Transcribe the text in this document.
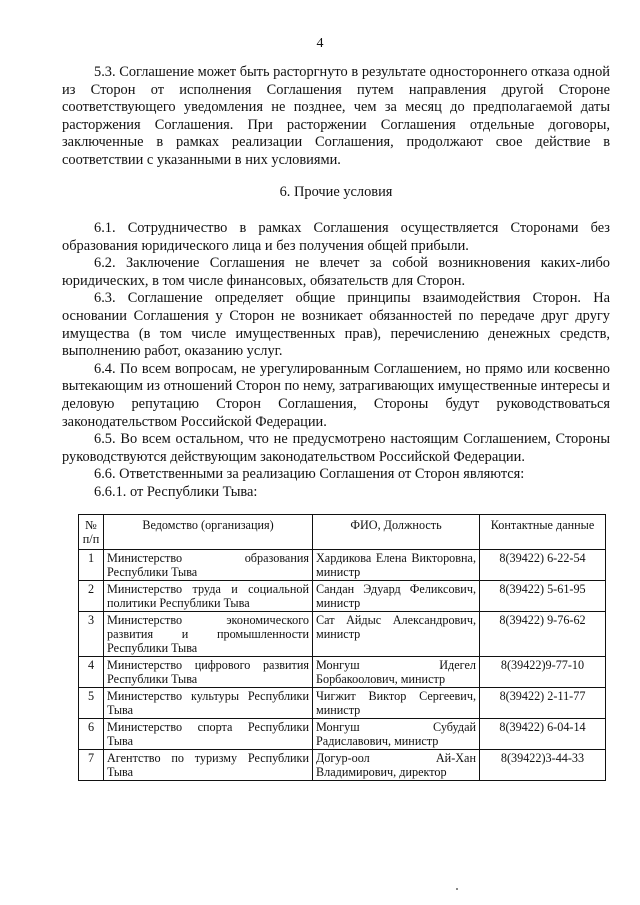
4

5.3. Соглашение может быть расторгнуто в результате одностороннего отказа одной из Сторон от исполнения Соглашения путем направления другой Стороне соответствующего уведомления не позднее, чем за месяц до предполагаемой даты расторжения Соглашения. При расторжении Соглашения отдельные договоры, заключенные в рамках реализации Соглашения, продолжают свое действие в соответствии с указанными в них условиями.

6. Прочие условия

6.1. Сотрудничество в рамках Соглашения осуществляется Сторонами без образования юридического лица и без получения общей прибыли.

6.2. Заключение Соглашения не влечет за собой возникновения каких-либо юридических, в том числе финансовых, обязательств для Сторон.

6.3. Соглашение определяет общие принципы взаимодействия Сторон. На основании Соглашения у Сторон не возникает обязанностей по передаче друг другу имущества (в том числе имущественных прав), перечислению денежных средств, выполнению работ, оказанию услуг.

6.4. По всем вопросам, не урегулированным Соглашением, но прямо или косвенно вытекающим из отношений Сторон по нему, затрагивающих имущественные интересы и деловую репутацию Сторон Соглашения, Стороны будут руководствоваться законодательством Российской Федерации.

6.5. Во всем остальном, что не предусмотрено настоящим Соглашением, Стороны руководствуются действующим законодательством Российской Федерации.

6.6. Ответственными за реализацию Соглашения от Сторон являются:

6.6.1. от Республики Тыва:

№ п/п	Ведомство (организация)	ФИО, Должность	Контактные данные
1	Министерство образования Республики Тыва	Хардикова Елена Викторовна, министр	8(39422) 6-22-54
2	Министерство труда и социальной политики Республики Тыва	Сандан Эдуард Феликсович, министр	8(39422) 5-61-95
3	Министерство экономического развития и промышленности Республики Тыва	Сат Айдыс Александрович, министр	8(39422) 9-76-62
4	Министерство цифрового развития Республики Тыва	Монгуш Идегел Борбакоолович, министр	8(39422)9-77-10
5	Министерство культуры Республики Тыва	Чигжит Виктор Сергеевич, министр	8(39422) 2-11-77
6	Министерство спорта Республики Тыва	Монгуш Субудай Радиславович, министр	8(39422) 6-04-14
7	Агентство по туризму Республики Тыва	Догур-оол Ай-Хан Владимирович, директор	8(39422)3-44-33
